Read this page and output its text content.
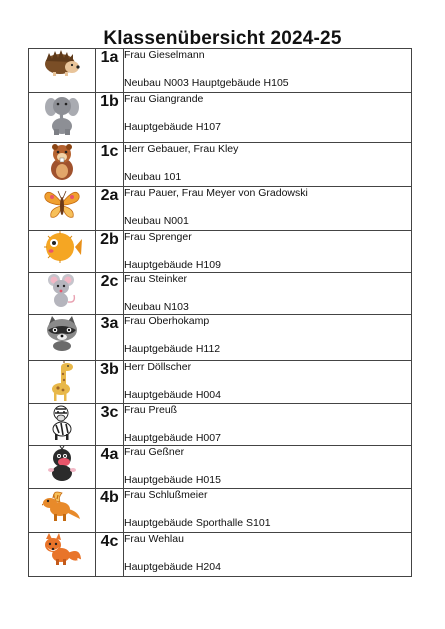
Klassenübersicht 2024-25
	1a	Frau Gieselmann
Neubau N003 Hauptgebäude H105

	1b	Frau Giangrande
Hauptgebäude H107

	1c	Herr Gebauer, Frau Kley
Neubau 101

	2a	Frau Pauer, Frau Meyer von Gradowski
Neubau N001

	2b	Frau Sprenger
Hauptgebäude H109

	2c	Frau Steinker
Neubau N103

	3a	Frau Oberhokamp
Hauptgebäude H112

	3b	Herr Döllscher
Hauptgebäude H004

	3c	Frau Preuß
Hauptgebäude H007

	4a	Frau Geßner
Hauptgebäude H015

	4b	Frau Schlußmeier
Hauptgebäude Sporthalle S101

	4c	Frau Wehlau
Hauptgebäude H204
